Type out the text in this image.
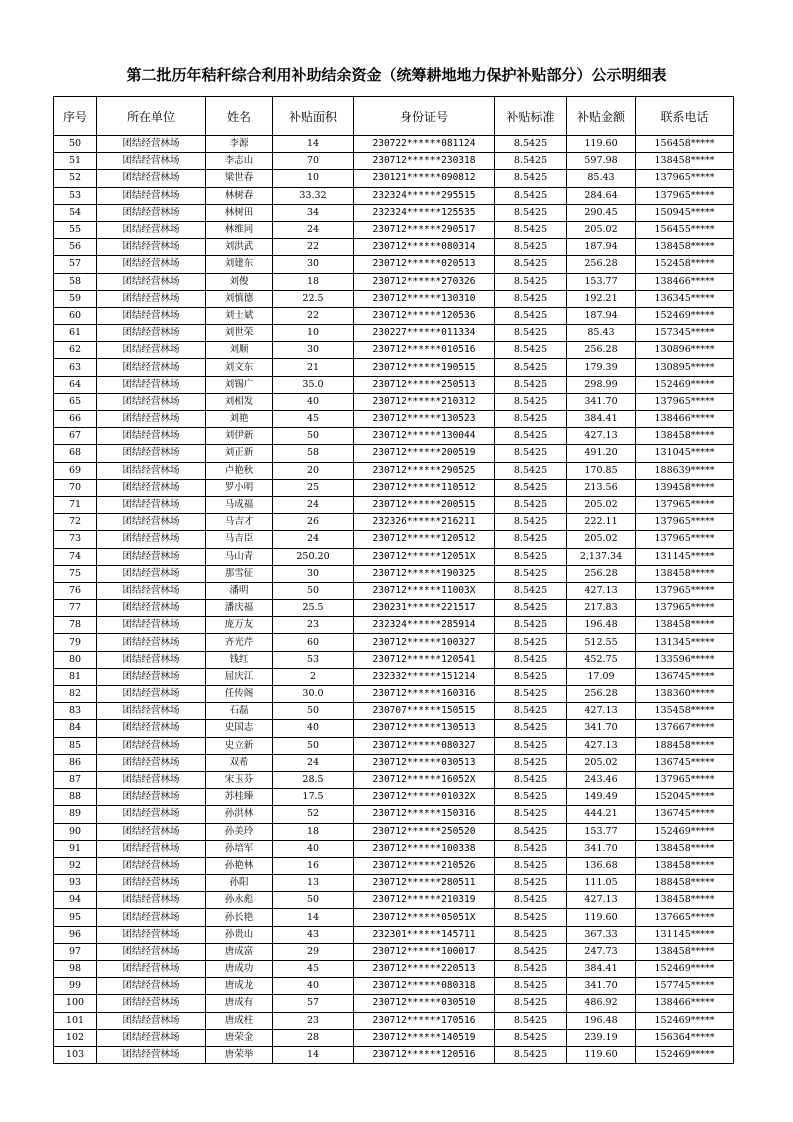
第二批历年秸秆综合利用补助结余资金（统筹耕地地力保护补贴部分）公示明细表
序号	所在单位	姓名	补贴面积	身份证号	补贴标准	补贴金额	联系电话
50	团结经营林场	李源	14	230722******081124	8.5425	119.60	156458*****
51	团结经营林场	李志山	70	230712******230318	8.5425	597.98	138458*****
52	团结经营林场	梁世春	10	230121******090812	8.5425	85.43	137965*****
53	团结经营林场	林树春	33.32	232324******295515	8.5425	284.64	137965*****
54	团结经营林场	林树田	34	232324******125535	8.5425	290.45	150945*****
55	团结经营林场	林维同	24	230712******290517	8.5425	205.02	156455*****
56	团结经营林场	刘洪武	22	230712******080314	8.5425	187.94	138458*****
57	团结经营林场	刘建东	30	230712******020513	8.5425	256.28	152458*****
58	团结经营林场	刘俊	18	230712******270326	8.5425	153.77	138466*****
59	团结经营林场	刘慎德	22.5	230712******130310	8.5425	192.21	136345*****
60	团结经营林场	刘士斌	22	230712******120536	8.5425	187.94	152469*****
61	团结经营林场	刘世荣	10	230227******011334	8.5425	85.43	157345*****
62	团结经营林场	刘顺	30	230712******010516	8.5425	256.28	130896*****
63	团结经营林场	刘文东	21	230712******190515	8.5425	179.39	130895*****
64	团结经营林场	刘锡广	35.0	230712******250513	8.5425	298.99	152469*****
65	团结经营林场	刘相发	40	230712******210312	8.5425	341.70	137965*****
66	团结经营林场	刘艳	45	230712******130523	8.5425	384.41	138466*****
67	团结经营林场	刘伊新	50	230712******130044	8.5425	427.13	138458*****
68	团结经营林场	刘正新	58	230712******200519	8.5425	491.20	131045*****
69	团结经营林场	卢艳秋	20	230712******290525	8.5425	170.85	188639*****
70	团结经营林场	罗小明	25	230712******110512	8.5425	213.56	139458*****
71	团结经营林场	马成福	24	230712******200515	8.5425	205.02	137965*****
72	团结经营林场	马吉才	26	232326******216211	8.5425	222.11	137965*****
73	团结经营林场	马吉臣	24	230712******120512	8.5425	205.02	137965*****
74	团结经营林场	马山青	250.20	230712******12051X	8.5425	2,137.34	131145*****
75	团结经营林场	那雪征	30	230712******190325	8.5425	256.28	138458*****
76	团结经营林场	潘明	50	230712******11003X	8.5425	427.13	137965*****
77	团结经营林场	潘庆福	25.5	230231******221517	8.5425	217.83	137965*****
78	团结经营林场	庞万友	23	232324******285914	8.5425	196.48	138458*****
79	团结经营林场	齐光芹	60	230712******100327	8.5425	512.55	131345*****
80	团结经营林场	钱红	53	230712******120541	8.5425	452.75	133596*****
81	团结经营林场	屈庆江	2	232332******151214	8.5425	17.09	136745*****
82	团结经营林场	任传阁	30.0	230712******160316	8.5425	256.28	138360*****
83	团结经营林场	石磊	50	230707******150515	8.5425	427.13	135458*****
84	团结经营林场	史国志	40	230712******130513	8.5425	341.70	137667*****
85	团结经营林场	史立新	50	230712******080327	8.5425	427.13	188458*****
86	团结经营林场	双希	24	230712******030513	8.5425	205.02	136745*****
87	团结经营林场	宋玉芬	28.5	230712******16052X	8.5425	243.46	137965*****
88	团结经营林场	苏桂臻	17.5	230712******01032X	8.5425	149.49	152045*****
89	团结经营林场	孙洪林	52	230712******150316	8.5425	444.21	136745*****
90	团结经营林场	孙美玲	18	230712******250520	8.5425	153.77	152469*****
91	团结经营林场	孙培军	40	230712******100338	8.5425	341.70	138458*****
92	团结经营林场	孙艳林	16	230712******210526	8.5425	136.68	138458*****
93	团结经营林场	孙阳	13	230712******280511	8.5425	111.05	188458*****
94	团结经营林场	孙永彪	50	230712******210319	8.5425	427.13	138458*****
95	团结经营林场	孙长艳	14	230712******05051X	8.5425	119.60	137665*****
96	团结经营林场	孙贵山	43	232301******145711	8.5425	367.33	131145*****
97	团结经营林场	唐成富	29	230712******100017	8.5425	247.73	138458*****
98	团结经营林场	唐成功	45	230712******220513	8.5425	384.41	152469*****
99	团结经营林场	唐成龙	40	230712******080318	8.5425	341.70	157745*****
100	团结经营林场	唐成有	57	230712******030510	8.5425	486.92	138466*****
101	团结经营林场	唐成柱	23	230712******170516	8.5425	196.48	152469*****
102	团结经营林场	唐荣金	28	230712******140519	8.5425	239.19	156364*****
103	团结经营林场	唐荣举	14	230712******120516	8.5425	119.60	152469*****
